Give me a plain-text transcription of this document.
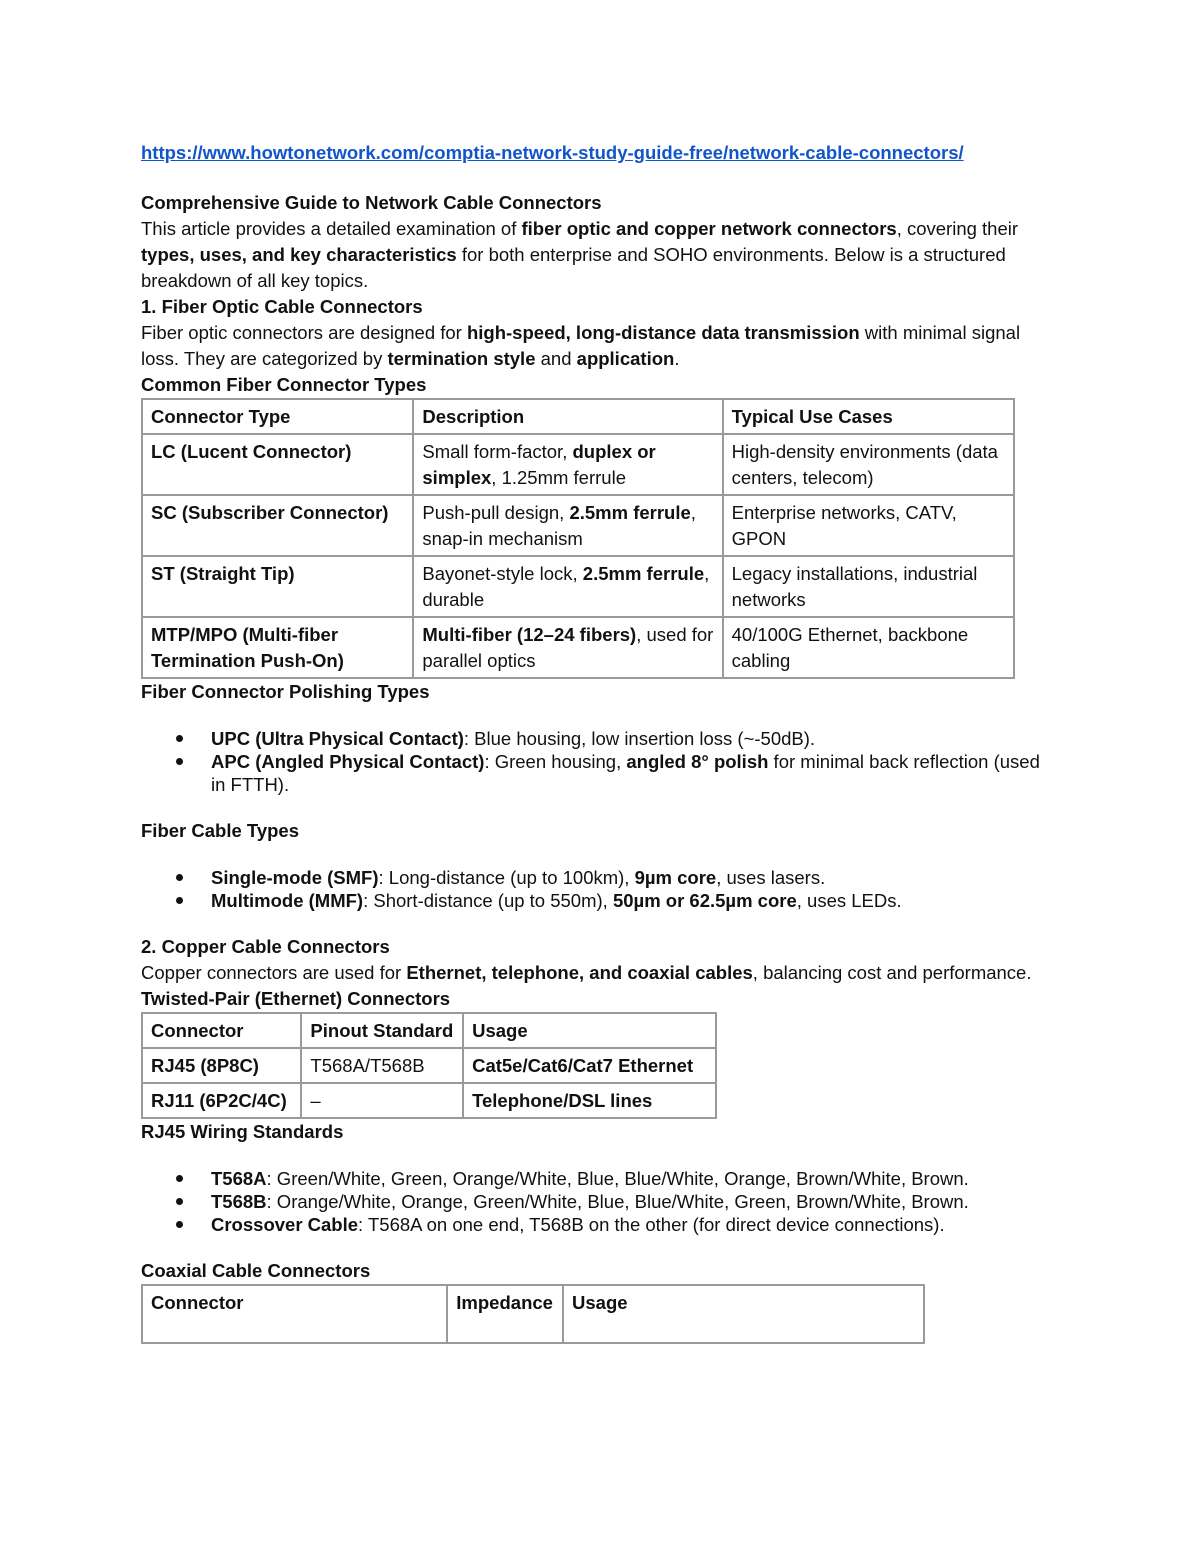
https://www.howtonetwork.com/comptia-network-study-guide-free/network-cable-connectors/

Comprehensive Guide to Network Cable Connectors

This article provides a detailed examination of fiber optic and copper network connectors, covering their types, uses, and key characteristics for both enterprise and SOHO environments. Below is a structured breakdown of all key topics.

1. Fiber Optic Cable Connectors

Fiber optic connectors are designed for high-speed, long-distance data transmission with minimal signal loss. They are categorized by termination style and application.

Common Fiber Connector Types

Connector Type	Description	Typical Use Cases
LC (Lucent Connector)	Small form-factor, duplex or simplex, 1.25mm ferrule	High-density environments (data centers, telecom)
SC (Subscriber Connector)	Push-pull design, 2.5mm ferrule, snap-in mechanism	Enterprise networks, CATV, GPON
ST (Straight Tip)	Bayonet-style lock, 2.5mm ferrule, durable	Legacy installations, industrial networks
MTP/MPO (Multi-fiber Termination Push-On)	Multi-fiber (12–24 fibers), used for parallel optics	40/100G Ethernet, backbone cabling

Fiber Connector Polishing Types

UPC (Ultra Physical Contact): Blue housing, low insertion loss (~-50dB).
APC (Angled Physical Contact): Green housing, angled 8° polish for minimal back reflection (used in FTTH).

Fiber Cable Types

Single-mode (SMF): Long-distance (up to 100km), 9µm core, uses lasers.
Multimode (MMF): Short-distance (up to 550m), 50µm or 62.5µm core, uses LEDs.

2. Copper Cable Connectors

Copper connectors are used for Ethernet, telephone, and coaxial cables, balancing cost and performance.

Twisted-Pair (Ethernet) Connectors

Connector	Pinout Standard	Usage
RJ45 (8P8C)	T568A/T568B	Cat5e/Cat6/Cat7 Ethernet
RJ11 (6P2C/4C)	–	Telephone/DSL lines

RJ45 Wiring Standards

T568A: Green/White, Green, Orange/White, Blue, Blue/White, Orange, Brown/White, Brown.
T568B: Orange/White, Orange, Green/White, Blue, Blue/White, Green, Brown/White, Brown.
Crossover Cable: T568A on one end, T568B on the other (for direct device connections).

Coaxial Cable Connectors

Connector	Impedance	Usage
